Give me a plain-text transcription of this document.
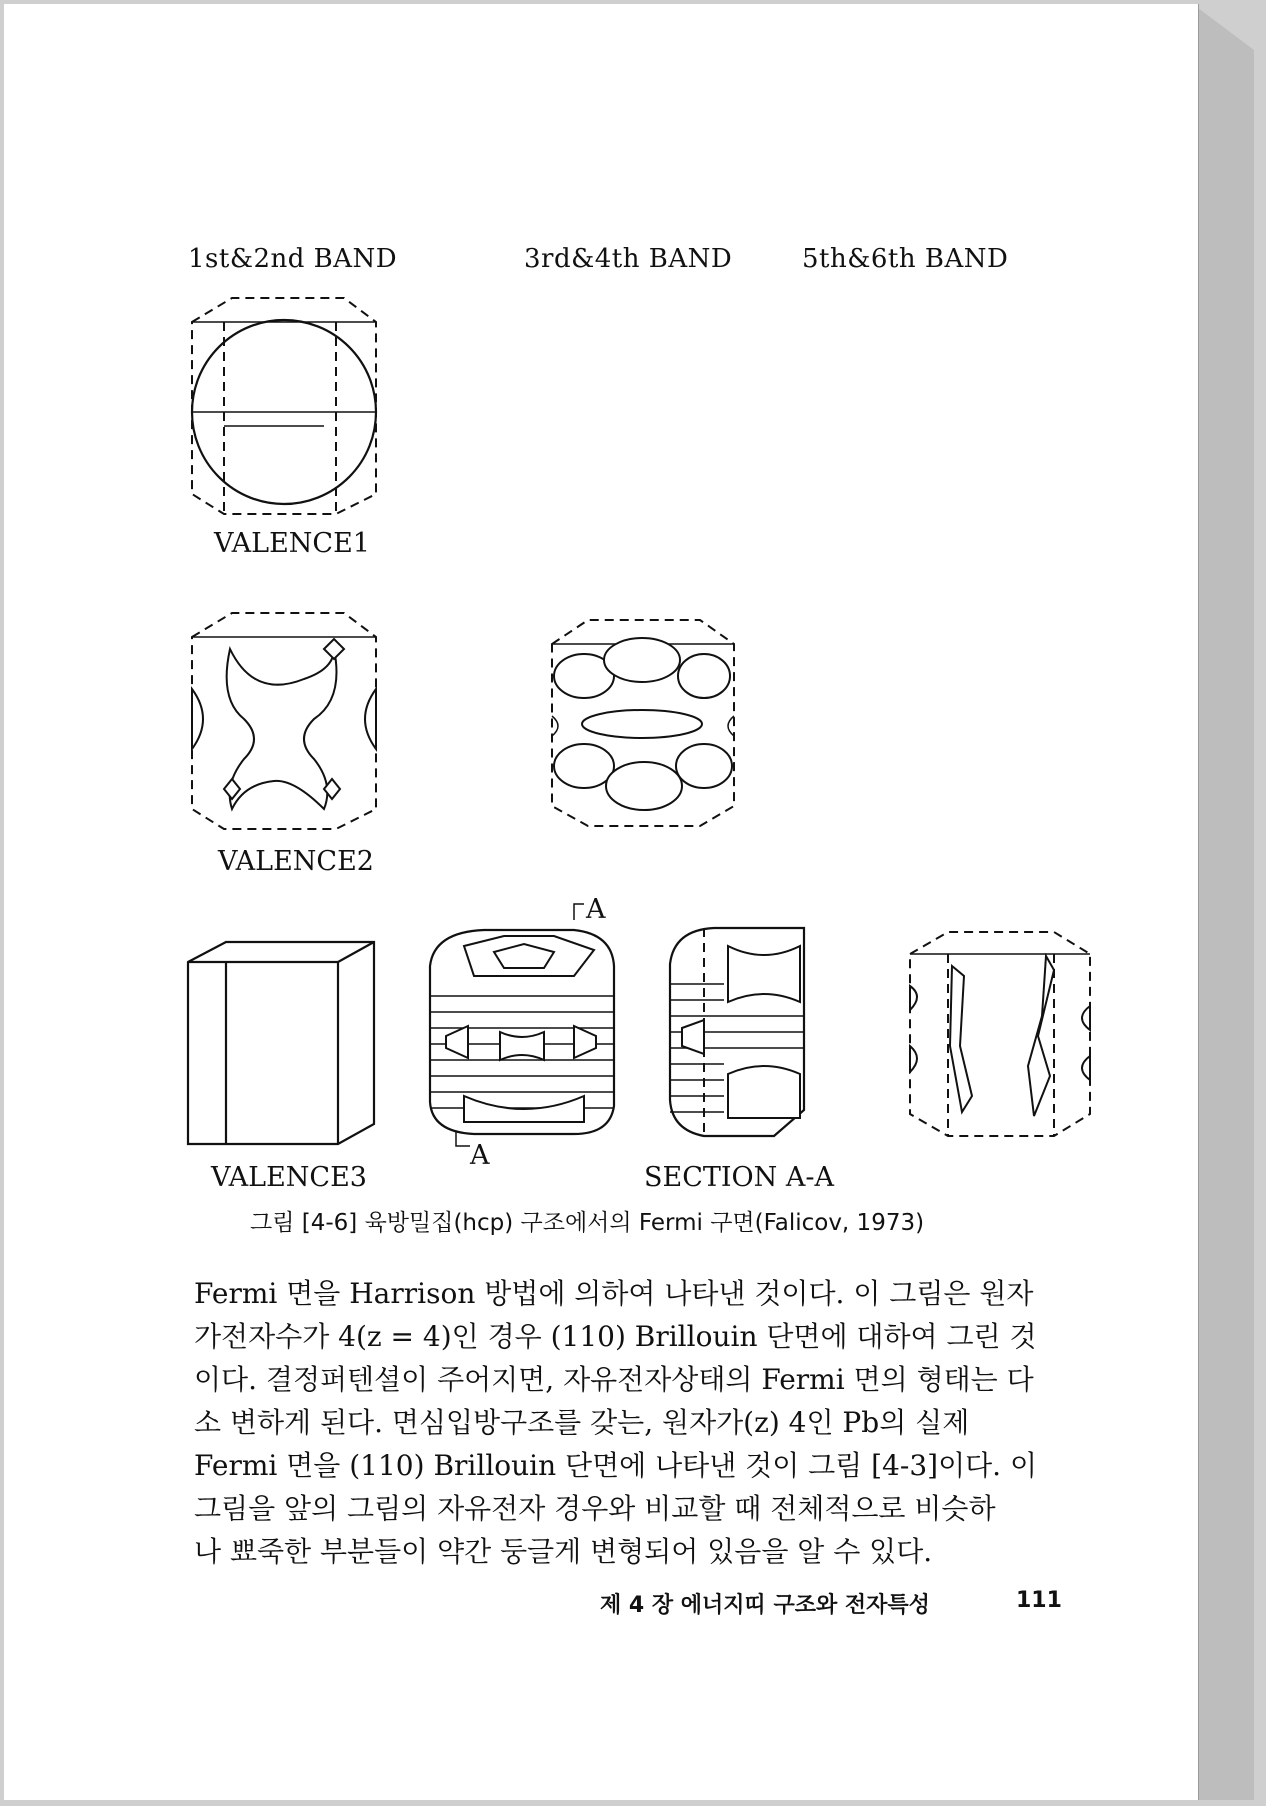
1st&2nd BAND	3rd&4th BAND	5th&6th BAND
VALENCE1
VALENCE2
VALENCE3
A
A
SECTION A-A
그림 [4-6] 육방밀집(hcp) 구조에서의 Fermi 구면(Falicov, 1973)

Fermi 면을 Harrison 방법에 의하여 나타낸 것이다. 이 그림은 원자

가전자수가 4(z = 4)인 경우 (110) Brillouin 단면에 대하여 그린 것

이다. 결정퍼텐셜이 주어지면, 자유전자상태의 Fermi 면의 형태는 다

소 변하게 된다. 면심입방구조를 갖는, 원자가(z) 4인 Pb의 실제

Fermi 면을 (110) Brillouin 단면에 나타낸 것이 그림 [4-3]이다. 이

그림을 앞의 그림의 자유전자 경우와 비교할 때 전체적으로 비슷하

나 뾰죽한 부분들이 약간 둥글게 변형되어 있음을 알 수 있다.

제 4 장 에너지띠 구조와 전자특성	111
